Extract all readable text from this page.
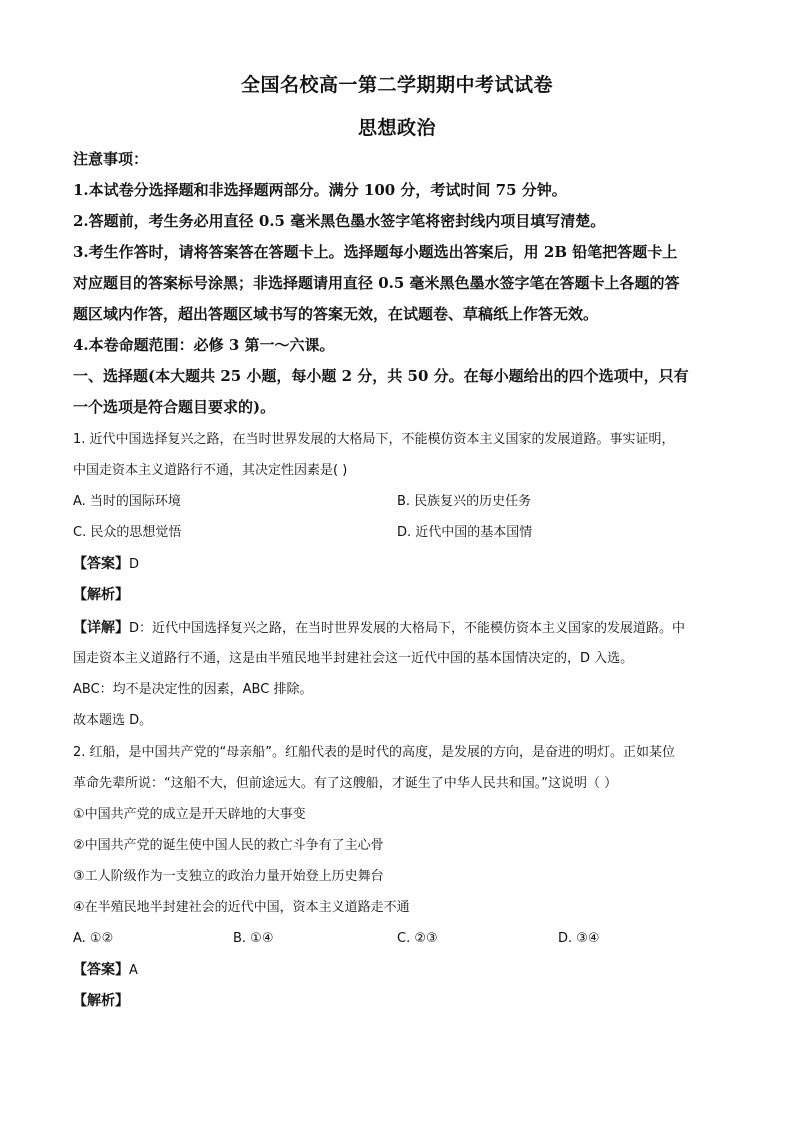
全国名校高一第二学期期中考试试卷
思想政治
注意事项：
1.本试卷分选择题和非选择题两部分。满分 100 分，考试时间 75 分钟。
2.答题前，考生务必用直径 0.5 毫米黑色墨水签字笔将密封线内项目填写清楚。
3.考生作答时，请将答案答在答题卡上。选择题每小题选出答案后，用 2B 铅笔把答题卡上
对应题目的答案标号涂黑；非选择题请用直径 0.5 毫米黑色墨水签字笔在答题卡上各题的答
题区域内作答，超出答题区域书写的答案无效，在试题卷、草稿纸上作答无效。
4.本卷命题范围：必修 3 第一～六课。
一、选择题(本大题共 25 小题，每小题 2 分，共 50 分。在每小题给出的四个选项中，只有
一个选项是符合题目要求的)。
1. 近代中国选择复兴之路，在当时世界发展的大格局下，不能模仿资本主义国家的发展道路。事实证明，
中国走资本主义道路行不通，其决定性因素是( )
A. 当时的国际环境	B. 民族复兴的历史任务
C. 民众的思想觉悟	D. 近代中国的基本国情
【答案】D
【解析】
【详解】D：近代中国选择复兴之路，在当时世界发展的大格局下，不能模仿资本主义国家的发展道路。中
国走资本主义道路行不通，这是由半殖民地半封建社会这一近代中国的基本国情决定的，D 入选。
ABC：均不是决定性的因素，ABC 排除。
故本题选 D。
2. 红船，是中国共产党的“母亲船”。红船代表的是时代的高度，是发展的方向，是奋进的明灯。正如某位
革命先辈所说：“这船不大，但前途远大。有了这艘船，才诞生了中华人民共和国。”这说明（ ）
①中国共产党的成立是开天辟地的大事变
②中国共产党的诞生使中国人民的救亡斗争有了主心骨
③工人阶级作为一支独立的政治力量开始登上历史舞台
④在半殖民地半封建社会的近代中国，资本主义道路走不通
A. ①②	B. ①④	C. ②③	D. ③④
【答案】A
【解析】
